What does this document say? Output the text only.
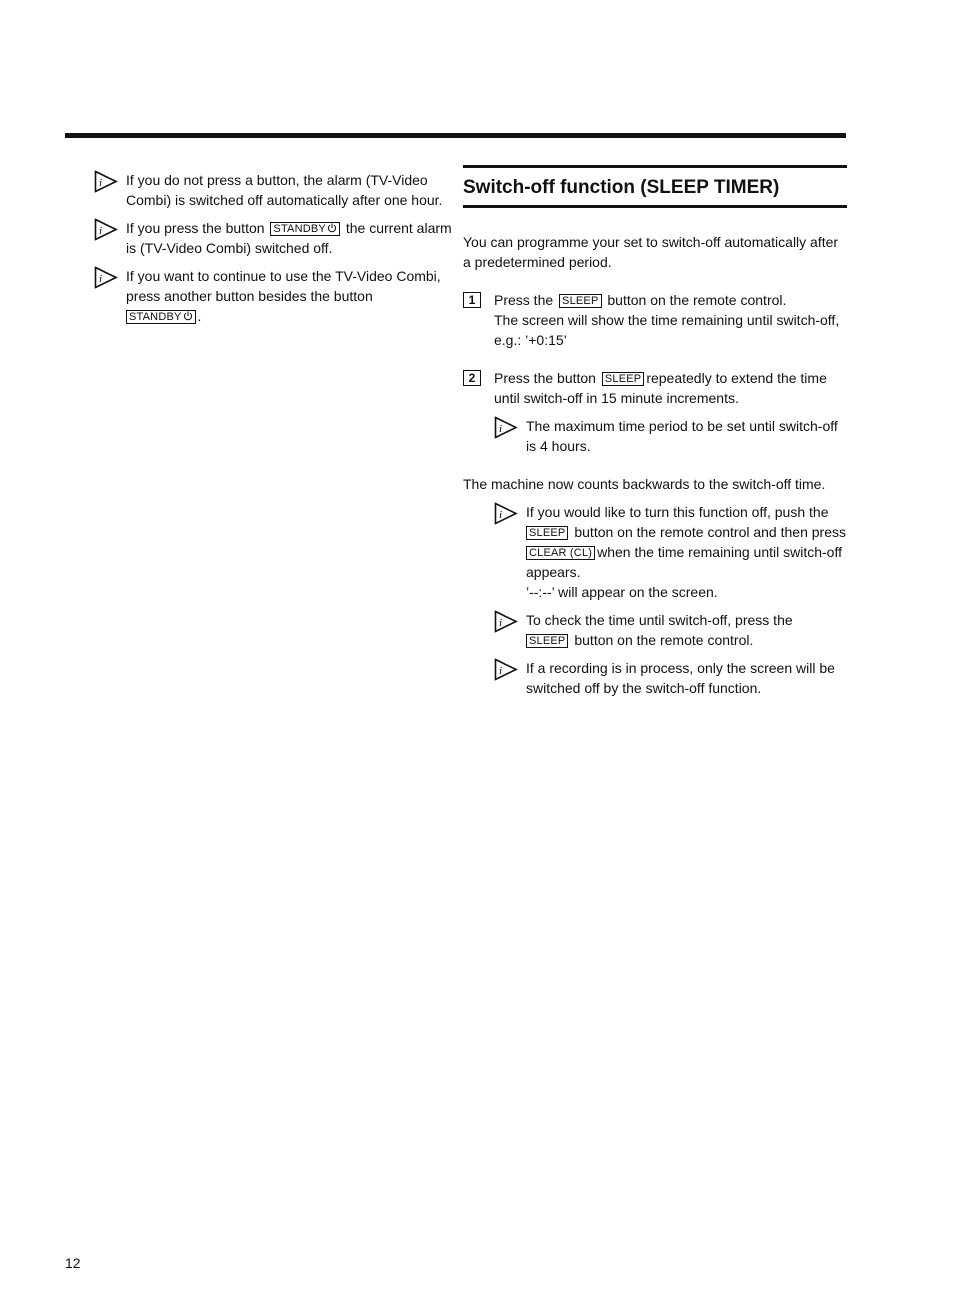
i If you do not press a button, the alarm (TV-Video Combi) is switched off automatically after one hour.
i If you press the button STANDBY the current alarm is (TV-Video Combi) switched off.
i If you want to continue to use the TV-Video Combi, press another button besides the button
STANDBY .
Switch-off function (SLEEP TIMER)
You can programme your set to switch-off automatically after a predetermined period.
1	Press the SLEEP button on the remote control.
The screen will show the time remaining until switch-off, e.g.: ’+0:15’
2	Press the button SLEEP repeatedly to extend the time until switch-off in 15 minute increments.
i The maximum time period to be set until switch-off is 4 hours.
The machine now counts backwards to the switch-off time.
i If you would like to turn this function off, push the
SLEEP button on the remote control and then press
CLEAR (CL) when the time remaining until switch-off appears.
’--:--’ will appear on the screen.
i To check the time until switch-off, press the
SLEEP button on the remote control.
i If a recording is in process, only the screen will be switched off by the switch-off function.
12
